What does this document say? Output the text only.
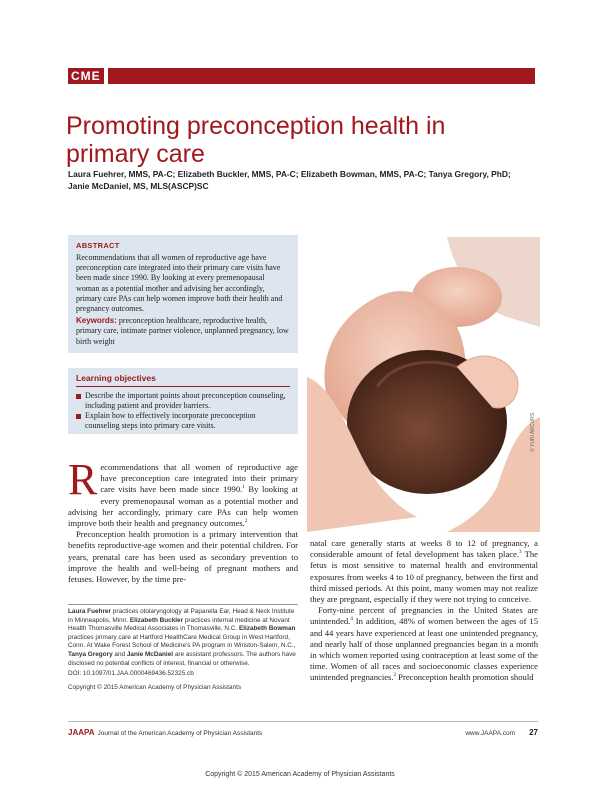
CME
Promoting preconception health in
primary care
Laura Fuehrer, MMS, PA-C; Elizabeth Buckler, MMS, PA-C; Elizabeth Bowman, MMS, PA-C; Tanya Gregory, PhD;
Janie McDaniel, MS, MLS(ASCP)SC
ABSTRACT

Recommendations that all women of reproductive age have preconception care integrated into their primary care visits have been made since 1990. By looking at every premenopausal woman as a potential mother and advising her accordingly, primary care PAs can help women improve both their health and pregnancy outcomes.

Keywords: preconception healthcare, reproductive health, primary care, intimate partner violence, unplanned pregnancy, low birth weight

Learning objectives
Describe the important points about preconception counseling, including patient and provider barriers.
Explain how to effectively incorporate preconception counseling steps into primary care visits.	© YURI ARCURS

Recommendations that all women of reproductive age have preconception care integrated into their primary care visits have been made since 1990.$^1$ By looking at every premenopausal woman as a potential mother and advising her accordingly, primary care PAs can help women improve both their health and pregnancy outcomes.$^2$

Preconception health promotion is a primary intervention that benefits reproductive-age women and their potential children. For years, prenatal care has been used as secondary prevention to improve the health and well-being of pregnant mothers and fetuses. However, by the time pre-

natal care generally starts at weeks 8 to 12 of pregnancy, a considerable amount of fetal development has taken place.$^3$ The fetus is most sensitive to maternal health and environmental exposures from weeks 4 to 10 of pregnancy, between the first and third missed periods. At this point, many women may not realize they are pregnant, especially if they were not trying to conceive.

Forty-nine percent of pregnancies in the United States are unintended.$^4$ In addition, 48% of women between the ages of 15 and 44 years have experienced at least one unintended pregnancy, and nearly half of those unplanned pregnancies began in a month in which women reported using contraception at least some of the time. Women of all races and socioeconomic classes experience unintended pregnancies.$^2$ Preconception health promotion should

Laura Fuehrer practices otolaryngology at Paparella Ear, Head & Neck Institute in Minneapolis, Minn. Elizabeth Buckler practices internal medicine at Novant Health Thomasville Medical Associates in Thomasville, N.C. Elizabeth Bowman practices primary care at Hartford HealthCare Medical Group in West Hartford, Conn. At Wake Forest School of Medicine's PA program in Winston-Salem, N.C., Tanya Gregory and Janie McDaniel are assistant professors. The authors have disclosed no potential conflicts of interest, financial or otherwise.

DOI: 10.1097/01.JAA.0000469436.52325.cb

Copyright © 2015 American Academy of Physician Assistants

JAAPA Journal of the American Academy of Physician Assistants	www.JAAPA.com 27
Copyright © 2015 American Academy of Physician Assistants
